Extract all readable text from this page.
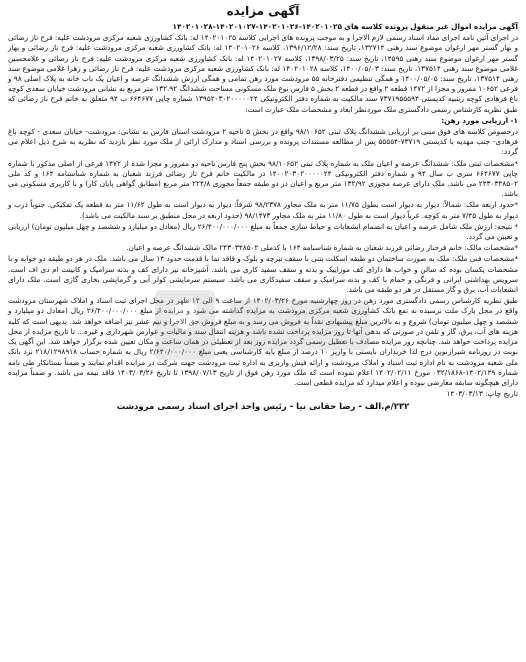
آگهی مزایده

آگهی مزایده اموال غیر منقول پرونده کلاسه های ۱۴۰۲۰۱۰۲۵-۱۴۰۲۰۱۰۲۶-۱۴۰۲۰۱۰۲۷-۱۴۰۲۰۱۰۲۸

در اجرای آئین نامه اجرای مفاد اسناد رسمی لازم الاجرا و به موجب پرونده های اجرایی کلاسه ۱۴۰۲۰۱۰۲۵ له: بانک کشاورزی شعبه مرکزی مرودشت علیه: فرح ناز رضائی و بهار گستر مهر ارغوان موضوع سند رهنی ۱۳۲۷۱۴، تاریخ سند: ۱۳۹۶/۱۲/۲۸، کلاسه ۱۴۰۲۰۱۰۲۶ له: بانک کشاورزی شعبه مرکزی مرودشت علیه: فرح ناز رضائی و بهار گستر مهر ارغوان موضوع سند رهنی ۱۴۵۹۵، تاریخ سند: ۱۳۹۸/۰۳/۲۵، کلاسه ۱۴۰۲۰۱۰۲۷ له: بانک کشاورزی شعبه مرکزی مرودشت علیه: فرح ناز رضائی و غلامحسین غلامی موضوع سند رهنی ۱۳۷۵۱۴، تاریخ سند: ۱۴۰۰/۰۵/۰۳، کلاسه ۱۴۰۲۰۱۰۲۸ له: بانک کشاورزی شعبه مرکزی مرودشت علیه: فرح ناز رضائی و زهرا غلامی موضوع سند رهنی ۱۳۷۵۱۴، تاریخ سند: ۱۴۰۰/۰۵/۰۵ و همگی تنظیمی دفترخانه ۵۵ مرودشت مورد رهن تمامی و همگی ارزش ششدانگ عرصه و اعیان یک باب خانه به پلاک اصلی ۹۸ و فرعی ۱۰۶۵۲ مفروز و مجزا از ۱۴۷۲ قطعه ۲ واقع در قطعه ۲ بخش ۵ فارس نوع ملک مسکونی مساحت ششدانگ ۱۳۲.۹۲ متر مربع به نشانی مرودشت خیابان سعدی کوچه باغ فرهادی کوچه زینبیه کدپستی ۷۳۷۱۹۵۵۵۹۴ سند مالکیت به شماره دفتر الکترونیکی ۱۳۹۵۲۰۳۰۲۰۰۰۰۰۲۴ شماره چاپی ۶۶۴۶۷۷ ب ۹۴ متعلق به خانم فرح ناز رضائی که طبق نظریه کارشناس رسمی دادگستری ملک موردنظر ابعاد و مشخصات ملک عبارت است:

۱- ارزیابی مورد رهن:

درخصوص کلاسه های فوق مبنی بر ارزیابی ششدانگ پلاک ثبتی ۹۸/۱۰۶۵۲ واقع در بخش ۵ ناحیه ۲ مرودشت استان فارس به نشانی: مرودشت- خیابان سعدی - کوچه باغ فرهادی- جنب مهدیه با کدپستی ۷۳۷۱۹-۵۵۵۵۴ پس از مطالعه مستندات پرونده و بررسی اسناد و مدارک ارائی از ملک مورد نظر بازدید که نظریه به شرح ذیل اعلام می گردد:

*مشخصات ثبتی ملک: ششدانگ عرصه و اعیان ملک به شماره پلاک ثبتی ۹۸/۱۰۶۵۲ بخش پنج فارس ناحیه دو مفروز و مجزا شده از ۱۴۷۲ فرعی از اصلی مذکور با شماره چاپی ۶۶۴۶۷۷ سری ب سال ۹۴ و شماره دفتر الکترونیکی ۱۴۰۰۲۰۳۰۲۰۰۰۰۰۲۴ در مالکیت خانم فرح ناز رضائی فرزند شعبان به شماره شناسنامه ۱۶۴ و کد ملی ۲۴۳۰۳۴۸۵۰۲ می باشد. ملک دارای عرصه مجوزی ۱۳۲/۹۲ متر مربع و اعیان در دو طبقه جمعاً مجوزی ۲۲۴/۸ متر مربع (مطابق گواهی پایان کار) و با کاربری مسکونی می باشد.

*حدود اربعه ملک: شمالاً: دیوار به دیوار است بطول ۱۱/۷۵ متر به ملک مجاور ۹۸/۲۳۷۸ شرقاً: دیوار به دیوار است به طول ۱۱/۶۲ متر به قطعه یک تفکیکی. جنوباً درب و دیوار به طول ۷/۴۵ متر به کوچه. غرباً دیوار است به طول ۱۱/۸۰ متر به ملک مجاور ۹۸/۱۴۷۳ (حدود اربعه در محل منطبق بر سند مالکیت می باشد).

* نتیجه: ارزش ملک شامل عرصه و اعیان به انضمام انشعابات و حیاط سازی جمعاً به مبلغ ۲۶/۴۰۰/۰۰۰/۰۰۰ ریال (معادل دو میلیارد و ششصد و چهل میلیون تومان) ارزیابی و تعیین می گردد.

*مشخصات مالک: خانم فرحناز رضائی فرزند شعبان به شماره شناسنامه ۱۶۴ با کدملی ۲۴۳۰۳۴۸۵۰۲ مالک ششدانگ عرصه و اعیان.

*مشخصات فنی ملک: ملک به صورت ساختمان دو طبقه اسکلت بتنی با سقف تیرچه و بلوک و قاقد نما با قدمت حدود ۱۴ سال می باشد. ملک در هر دو طبقه دو خوابه و با مشخصات یکسان بوده که سالن و خواب ها دارای کف موزاییک و بدنه و سقف سفید کاری می باشد. آشپزخانه نیز دارای کف و بدنه سرامیک و کابینت ام دی اف است. سرویس بهداشتی ایرانی و فرنگی و حمام با کف و بدنه سرامیک و سقف سفیدکاری می باشد. سیستم سرمایشی کولر آبی و گرمایشی بخاری گازی است. ملک دارای انشعابات آب، برق و گاز مستقل در هر دو طبقه می باشد.

طبق نظریه کارشناس رسمی دادگستری مورد رهن در روز چهارشنبه مورخ ۱۴۰۲/۰۳/۲۶ از ساعت ۹ الی ۱۲ ظهر در محل اجرای ثبت اسناد و املاک شهرستان مرودشت واقع در محل پارک ملت نرسیده به نفع بانک کشاورزی شعبه مرکزی مرودشت به مزایده گذاشته می شود و مزایده از مبلغ ۲۶/۴۰۰/۰۰۰/۰۰۰ ریال (معادل دو میلیارد و ششصد و چهل میلیون تومان) شروع و به بالاترین مبلغ پیشنهادی نقداً به فروش می رسد و به مبلغ فروش حق الاجرا و نیم عشر نیز اضافه خواهد شد. بدیهی است که کلیه هزینه های آب، برق، گاز و تلفن در صورتی که بدهی آنها تا روز مزایده پرداخت نشده باشد و هزینه انتقال سند و مالیات و عوارض شهرداری و غیره... تا تاریخ مزایده از محل مزایده پرداخت خواهد شد. چنانچه روز مزایده مصادف با تعطیل رسمی گردد مزایده روز بعد از تعطیلی در همان ساعت و مکان تعیین شده برگزار خواهد شد. این آگهی یک نوبت در روزنامه شیرازنوین درج لذا خریداران بایستی با واریز ۱۰ درصد از مبلغ پایه کارشناسی یعنی مبلغ ۲/۶۴۰/۰۰۰/۰۰۰ ریال به شماره حساب ۲۱۸/۱۲۹۸۹۱۸ نزد بانک ملی شعبه مرودشت به نام اداره ثبت اسناد و املاک مرودشت و ارائه فیش واریزی به اداره ثبت مرودشت جهت شرکت در مزایده اقدام نمایند و ضمناً بستانکار طی نامه شماره ۱۴۰۲/۱۴۹-۰۳۲/۱۸۶۸ مورخ ۱۴۰۲/۰۲/۱۱ اعلام نموده است که ملک مورد رهن فوق از تاریخ ۱۳۹۸/۰۷/۱۳ تا تاریخ ۱۴۰۳/۰۳/۲۶ فاقد بیمه می باشد. و ضمناً مزایده دارای هیچگونه سابقه معارضی نبوده و اعلام میدارد که مزایده قطعی است.

تاریخ چاپ: ۱۴۰۳/۰۳/۱۳
۲۳۲/م.الف - رضا حقانی نیا - رئیس واحد اجرای اسناد رسمی مرودشت
